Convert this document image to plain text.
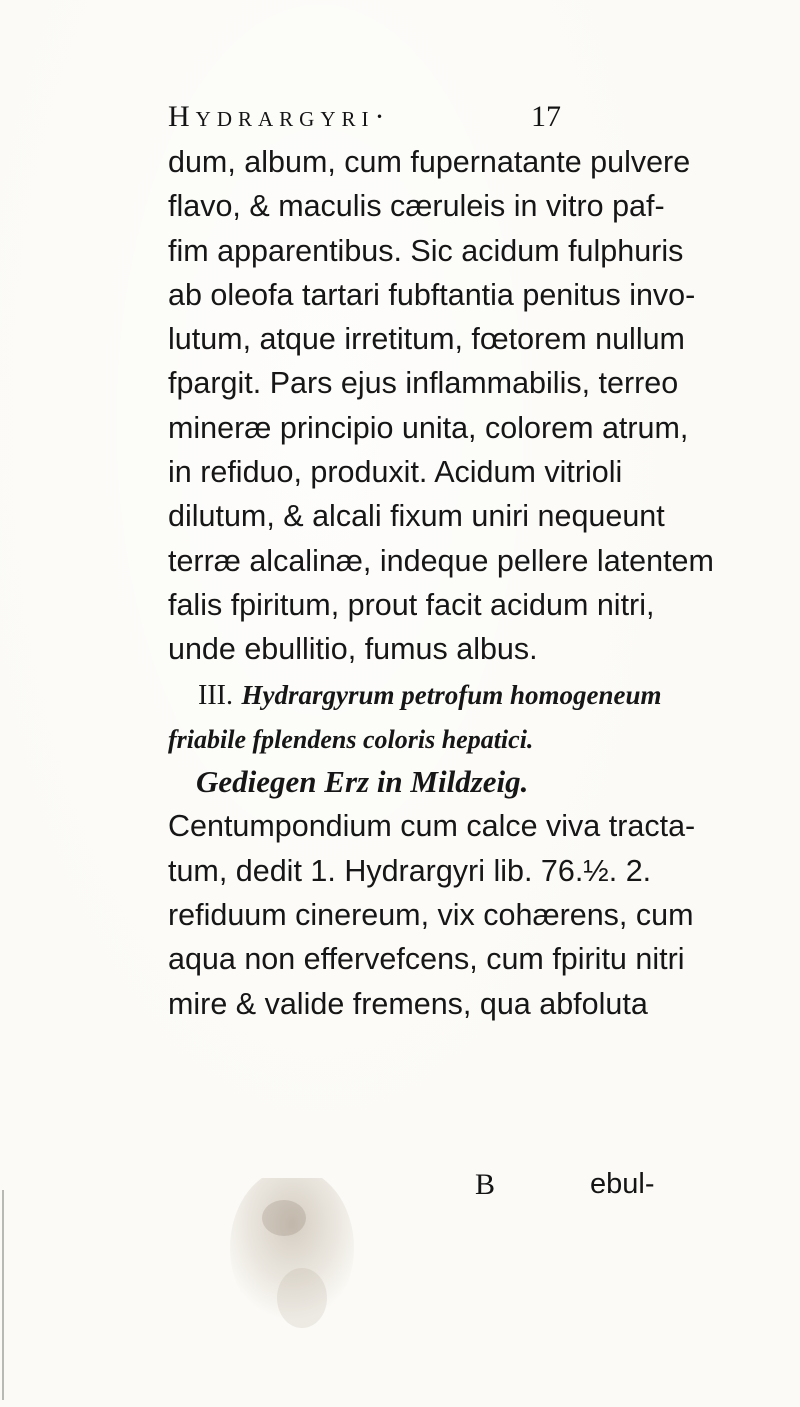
Hydrargyri·	17
dum, album, cum fupernatante pulvere
flavo, & maculis cæruleis in vitro paf-
fim apparentibus. Sic acidum fulphuris
ab oleofa tartari fubftantia penitus invo-
lutum, atque irretitum, fœtorem nullum
fpargit. Pars ejus inflammabilis, terreo
mineræ principio unita, colorem atrum,
in refiduo, produxit. Acidum vitrioli
dilutum, & alcali fixum uniri nequeunt
terræ alcalinæ, indeque pellere latentem
falis fpiritum, prout facit acidum nitri,
unde ebullitio, fumus albus.
III. Hydrargyrum petrofum homogeneum
friabile fplendens coloris hepatici.
Gediegen Erz in Mildzeig.
Centumpondium cum calce viva tracta-
tum, dedit 1. Hydrargyri lib. 76.½. 2.
refiduum cinereum, vix cohærens, cum
aqua non effervefcens, cum fpiritu nitri
mire & valide fremens, qua abfoluta
B	ebul-
